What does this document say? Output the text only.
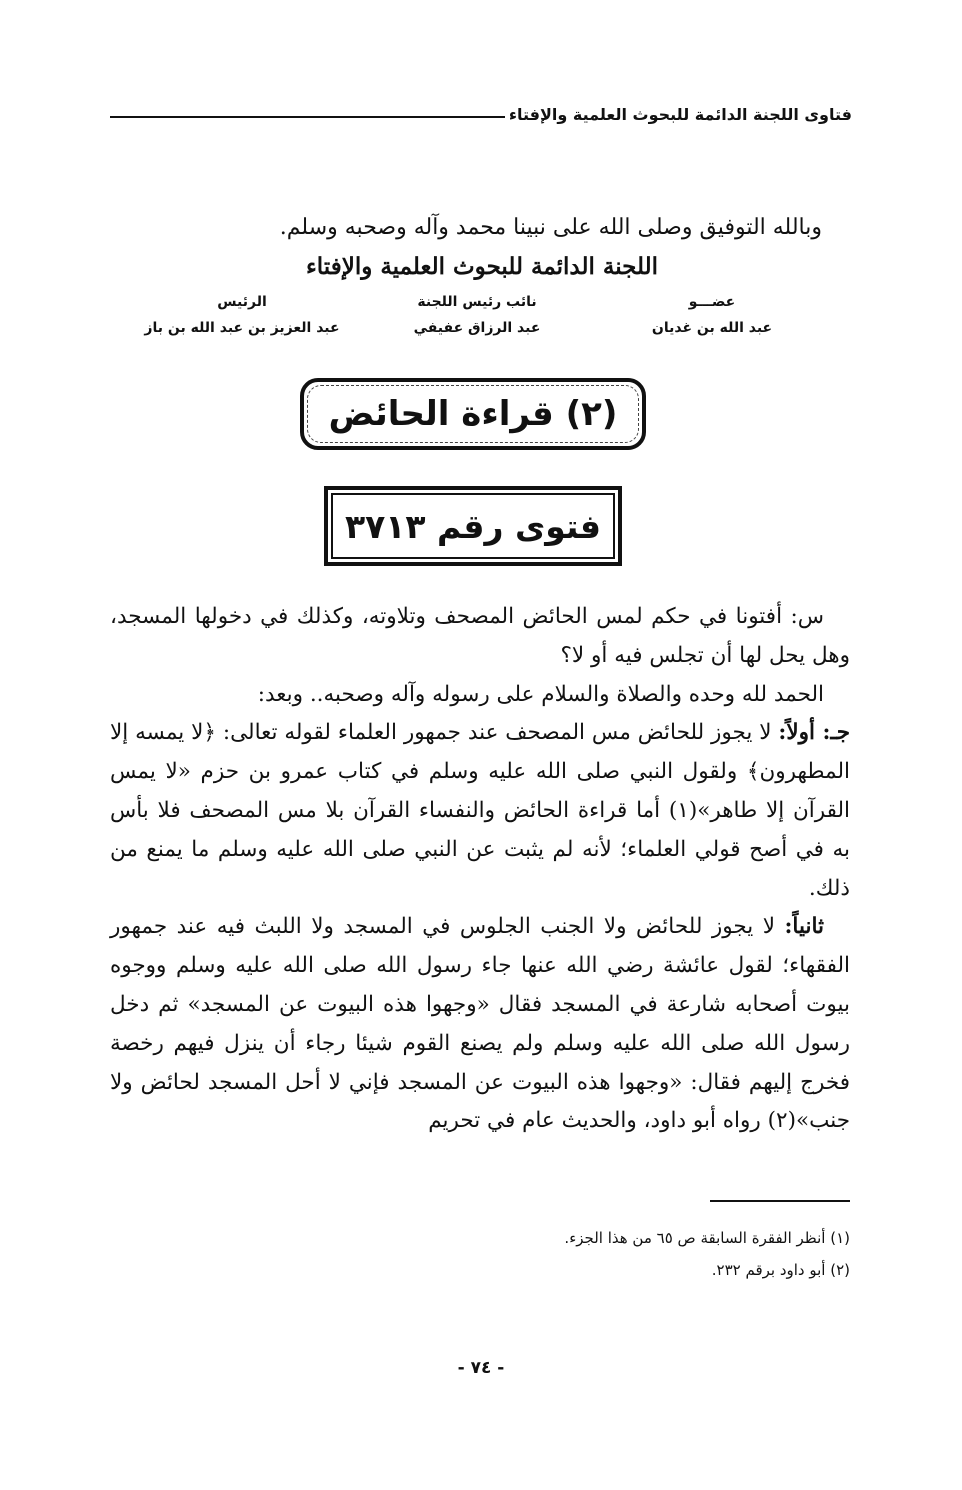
فتاوى اللجنة الدائمة للبحوث العلمية والإفتاء
وبالله التوفيق وصلى الله على نبينا محمد وآله وصحبه وسلم.
اللجنة الدائمة للبحوث العلمية والإفتاء
عضـــو
عبد الله بن غديان
نائب رئيس اللجنة
عبد الرزاق عفيفي
الرئيس
عبد العزيز بن عبد الله بن باز
(٢) قراءة الحائض
فتوى رقم ٣٧١٣

س: أفتونا في حكم لمس الحائض المصحف وتلاوته، وكذلك في دخولها المسجد، وهل يحل لها أن تجلس فيه أو لا؟

الحمد لله وحده والصلاة والسلام على رسوله وآله وصحبه.. وبعد:

جـ: أولاً: لا يجوز للحائض مس المصحف عند جمهور العلماء لقوله تعالى: ﴿لا يمسه إلا المطهرون﴾ ولقول النبي صلى الله عليه وسلم في كتاب عمرو بن حزم «لا يمس القرآن إلا طاهر»(١) أما قراءة الحائض والنفساء القرآن بلا مس المصحف فلا بأس به في أصح قولي العلماء؛ لأنه لم يثبت عن النبي صلى الله عليه وسلم ما يمنع من ذلك.

ثانياً: لا يجوز للحائض ولا الجنب الجلوس في المسجد ولا اللبث فيه عند جمهور الفقهاء؛ لقول عائشة رضي الله عنها جاء رسول الله صلى الله عليه وسلم ووجوه بيوت أصحابه شارعة في المسجد فقال «وجهوا هذه البيوت عن المسجد» ثم دخل رسول الله صلى الله عليه وسلم ولم يصنع القوم شيئا رجاء أن ينزل فيهم رخصة فخرج إليهم فقال: «وجهوا هذه البيوت عن المسجد فإني لا أحل المسجد لحائض ولا جنب»(٢) رواه أبو داود، والحديث عام في تحريم

(١) أنظر الفقرة السابقة ص ٦٥ من هذا الجزء.
(٢) أبو داود برقم ٢٣٢.
- ٧٤ -
